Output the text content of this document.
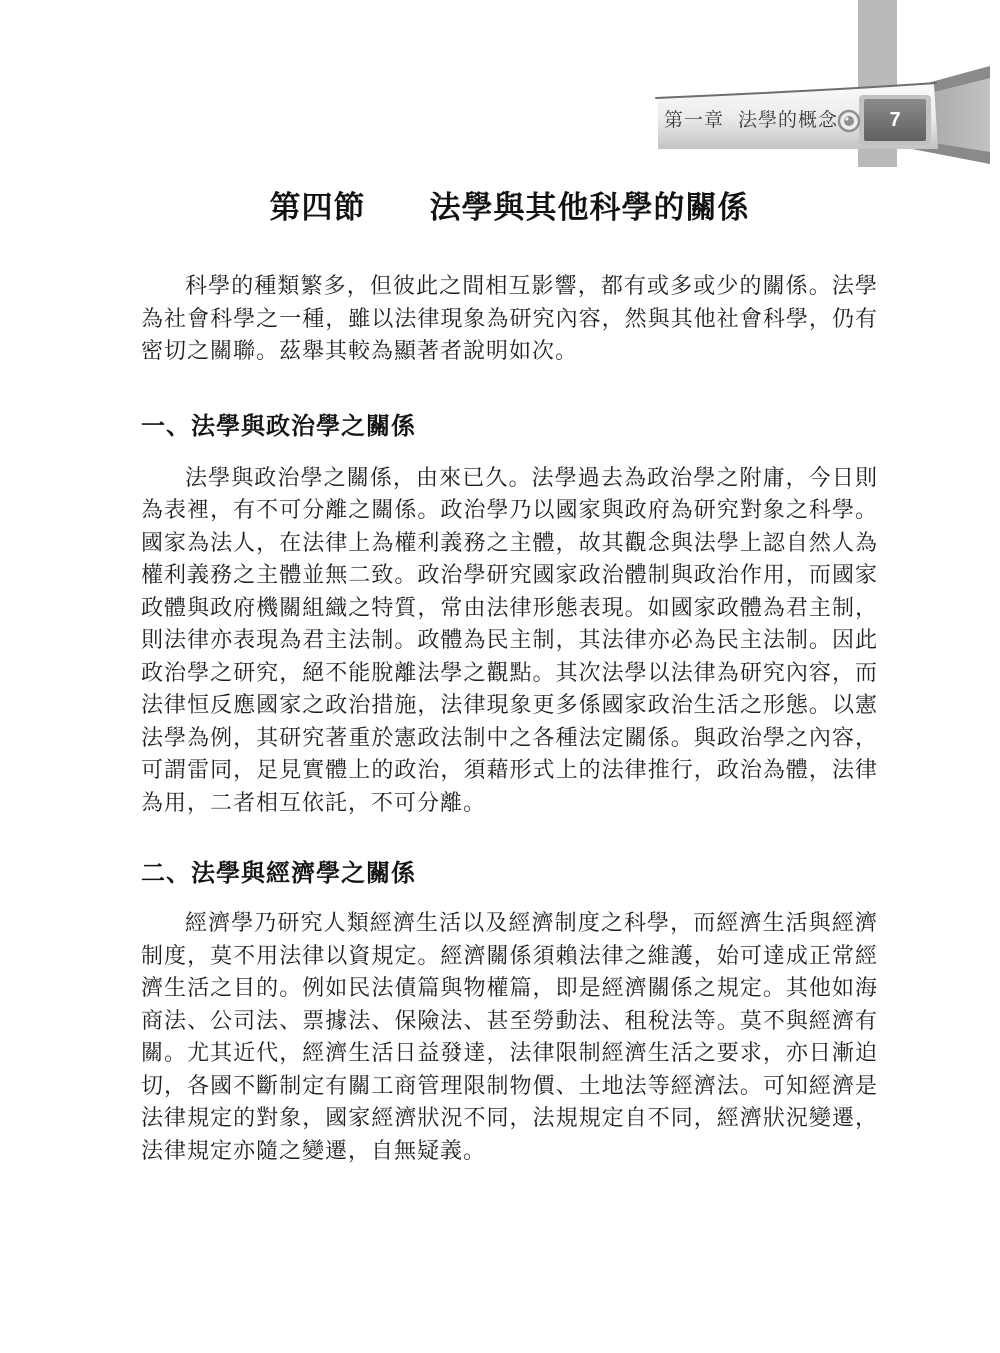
第一章 法學的概念	7
第四節　　法學與其他科學的關係

科學的種類繁多，但彼此之間相互影響，都有或多或少的關係。法學為社會科學之一種，雖以法律現象為研究內容，然與其他社會科學，仍有密切之關聯。茲舉其較為顯著者說明如次。

一、法學與政治學之關係

法學與政治學之關係，由來已久。法學過去為政治學之附庸，今日則為表裡，有不可分離之關係。政治學乃以國家與政府為研究對象之科學。國家為法人，在法律上為權利義務之主體，故其觀念與法學上認自然人為權利義務之主體並無二致。政治學研究國家政治體制與政治作用，而國家政體與政府機關組織之特質，常由法律形態表現。如國家政體為君主制，則法律亦表現為君主法制。政體為民主制，其法律亦必為民主法制。因此政治學之研究，絕不能脫離法學之觀點。其次法學以法律為研究內容，而法律恒反應國家之政治措施，法律現象更多係國家政治生活之形態。以憲法學為例，其研究著重於憲政法制中之各種法定關係。與政治學之內容，可謂雷同，足見實體上的政治，須藉形式上的法律推行，政治為體，法律為用，二者相互依託，不可分離。

二、法學與經濟學之關係

經濟學乃研究人類經濟生活以及經濟制度之科學，而經濟生活與經濟制度，莫不用法律以資規定。經濟關係須賴法律之維護，始可達成正常經濟生活之目的。例如民法債篇與物權篇，即是經濟關係之規定。其他如海商法、公司法、票據法、保險法、甚至勞動法、租稅法等。莫不與經濟有關。尤其近代，經濟生活日益發達，法律限制經濟生活之要求，亦日漸迫切，各國不斷制定有關工商管理限制物價、土地法等經濟法。可知經濟是法律規定的對象，國家經濟狀況不同，法規規定自不同，經濟狀況變遷，法律規定亦隨之變遷，自無疑義。
